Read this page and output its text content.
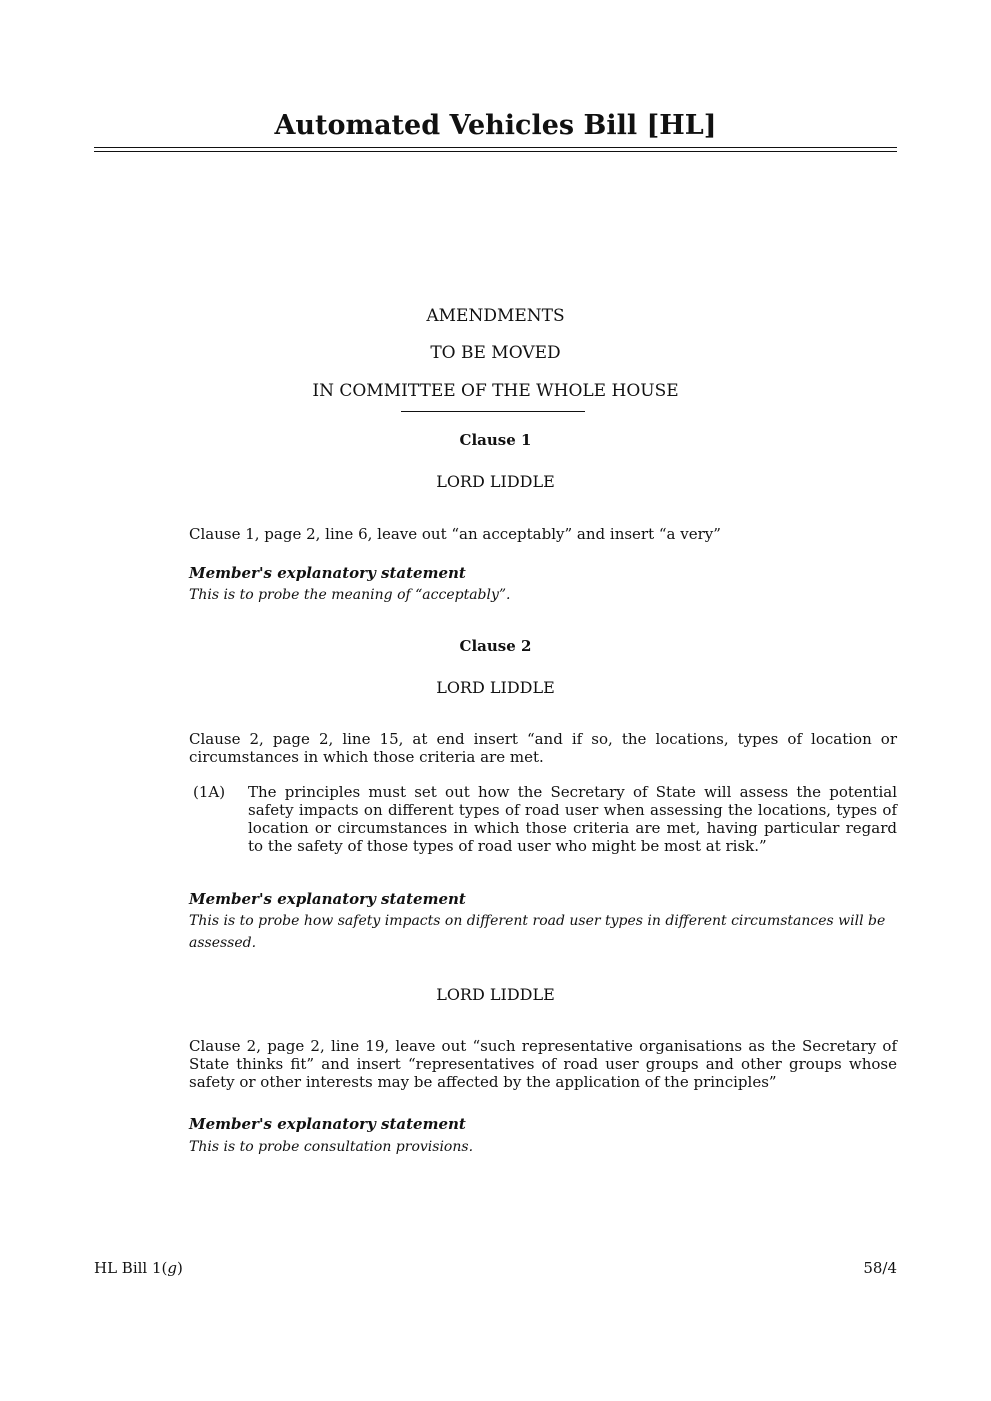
Automated Vehicles Bill [HL]
AMENDMENTS
TO BE MOVED
IN COMMITTEE OF THE WHOLE HOUSE
Clause 1
LORD LIDDLE
Clause 1, page 2, line 6, leave out “an acceptably” and insert “a very”
Member's explanatory statement
This is to probe the meaning of “acceptably”.
Clause 2
LORD LIDDLE
Clause 2, page 2, line 15, at end insert “and if so, the locations, types of location or circumstances in which those criteria are met.
(1A) The principles must set out how the Secretary of State will assess the potential safety impacts on different types of road user when assessing the locations, types of location or circumstances in which those criteria are met, having particular regard to the safety of those types of road user who might be most at risk.”
Member's explanatory statement
This is to probe how safety impacts on different road user types in different circumstances will be assessed.
LORD LIDDLE
Clause 2, page 2, line 19, leave out “such representative organisations as the Secretary of State thinks fit” and insert “representatives of road user groups and other groups whose safety or other interests may be affected by the application of the principles”
Member's explanatory statement
This is to probe consultation provisions.
HL Bill 1(g)	58/4
